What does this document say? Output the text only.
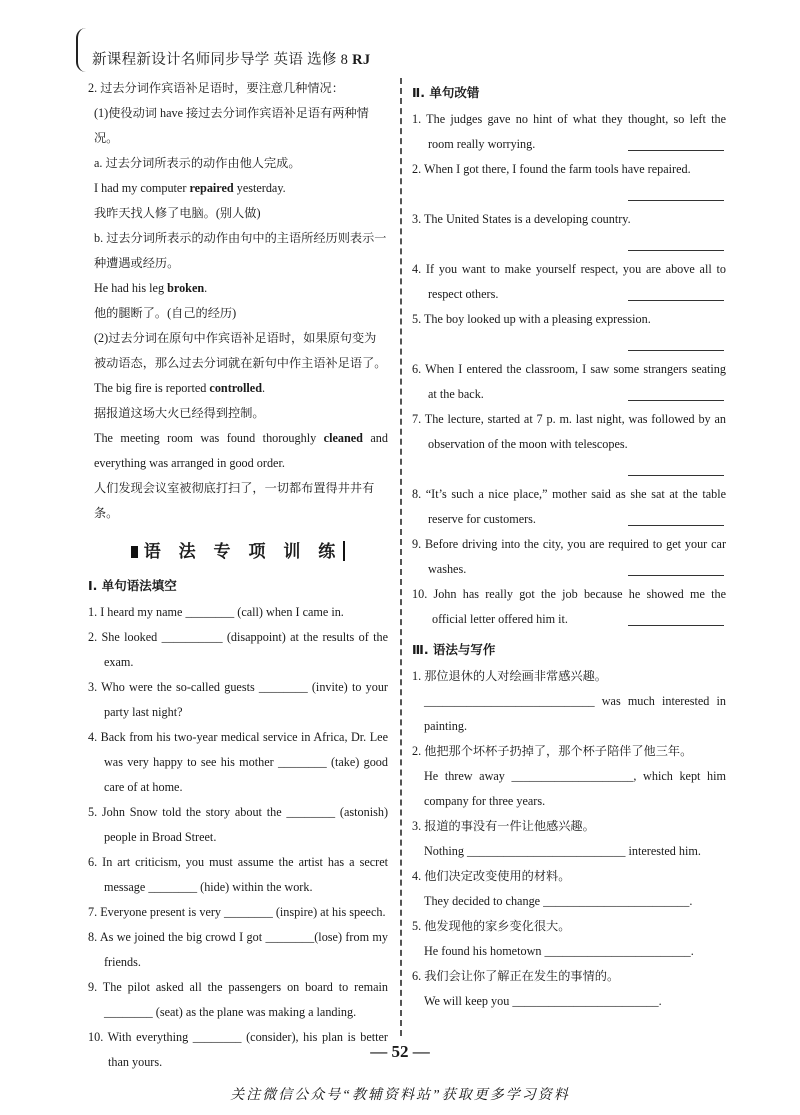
新课程新设计名师同步导学 英语 选修 8 RJ

2. 过去分词作宾语补足语时，要注意几种情况：

(1)使役动词 have 接过去分词作宾语补足语有两种情况。

a. 过去分词所表示的动作由他人完成。

I had my computer repaired yesterday.

我昨天找人修了电脑。(别人做)

b. 过去分词所表示的动作由句中的主语所经历则表示一种遭遇或经历。

He had his leg broken.

他的腿断了。(自己的经历)

(2)过去分词在原句中作宾语补足语时，如果原句变为被动语态，那么过去分词就在新句中作主语补足语了。

The big fire is reported controlled.

据报道这场大火已经得到控制。

The meeting room was found thoroughly cleaned and everything was arranged in good order.

人们发现会议室被彻底打扫了，一切都布置得井井有条。

语 法 专 项 训 练

Ⅰ. 单句语法填空

1. I heard my name ________ (call) when I came in.

2. She looked __________ (disappoint) at the results of the exam.

3. Who were the so-called guests ________ (invite) to your party last night?

4. Back from his two-year medical service in Africa, Dr. Lee was very happy to see his mother ________ (take) good care of at home.

5. John Snow told the story about the ________ (astonish) people in Broad Street.

6. In art criticism, you must assume the artist has a secret message ________ (hide) within the work.

7. Everyone present is very ________ (inspire) at his speech.

8. As we joined the big crowd I got ________(lose) from my friends.

9. The pilot asked all the passengers on board to remain ________ (seat) as the plane was making a landing.

10. With everything ________ (consider), his plan is better than yours.

Ⅱ. 单句改错

1. The judges gave no hint of what they thought, so left the room really worrying.

2. When I got there, I found the farm tools have repaired.

3. The United States is a developing country.

4. If you want to make yourself respect, you are above all to respect others.

5. The boy looked up with a pleasing expression.

6. When I entered the classroom, I saw some strangers seating at the back.

7. The lecture, started at 7 p. m. last night, was followed by an observation of the moon with telescopes.

8. “It’s such a nice place,” mother said as she sat at the table reserve for customers.

9. Before driving into the city, you are required to get your car washes.

10. John has really got the job because he showed me the official letter offered him it.

Ⅲ. 语法与写作

1. 那位退休的人对绘画非常感兴趣。

____________________________ was much interested in painting.

2. 他把那个坏杯子扔掉了，那个杯子陪伴了他三年。

He threw away ____________________, which kept him company for three years.

3. 报道的事没有一件让他感兴趣。

Nothing __________________________ interested him.

4. 他们决定改变使用的材料。

They decided to change ________________________.

5. 他发现他的家乡变化很大。

He found his hometown ________________________.

6. 我们会让你了解正在发生的事情的。

We will keep you ________________________.

— 52 —
关注微信公众号“教辅资料站”获取更多学习资料
